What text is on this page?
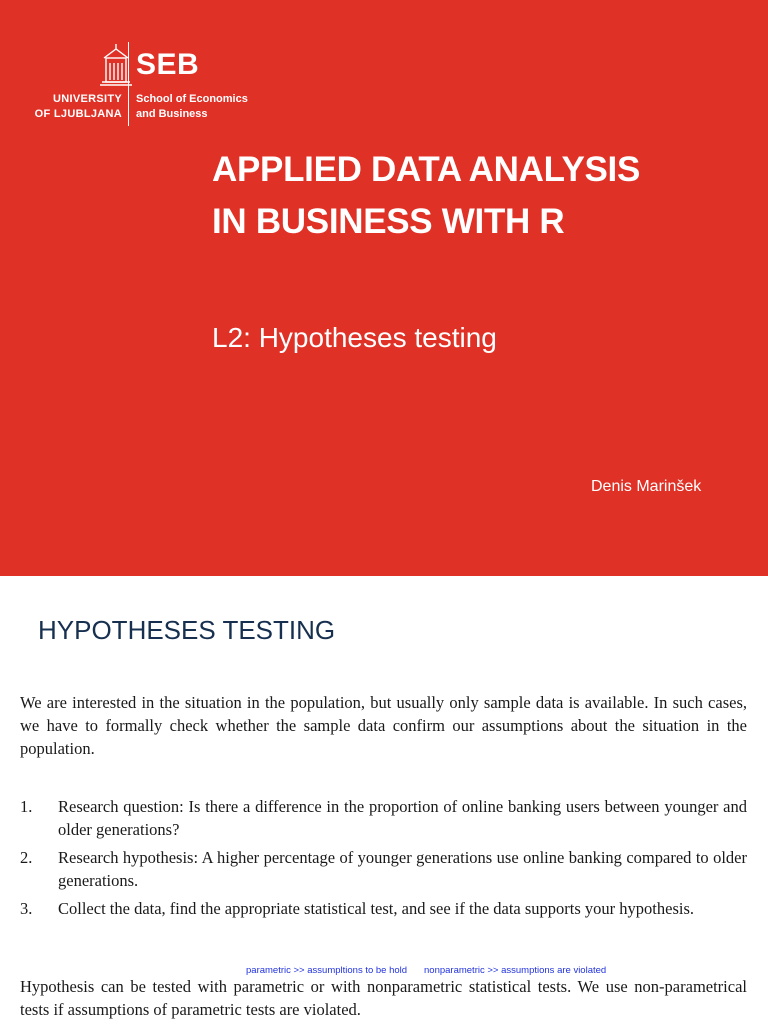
SEB
UNIVERSITY
OF LJUBLJANA
School of Economics
and Business
APPLIED DATA ANALYSIS
IN BUSINESS WITH R
L2: Hypotheses testing
Denis Marinšek
HYPOTHESES TESTING

We are interested in the situation in the population, but usually only sample data is available. In such cases, we have to formally check whether the sample data confirm our assumptions about the situation in the population.

1. Research question: Is there a difference in the proportion of online banking users between younger and older generations?
2. Research hypothesis: A higher percentage of younger generations use online banking compared to older generations.
3. Collect the data, find the appropriate statistical test, and see if the data supports your hypothesis.
parametric >> assumpltions to be hold nonparametric >> assumptions are violated

Hypothesis can be tested with parametric or with nonparametric statistical tests. We use non-parametrical tests if assumptions of parametric tests are violated.
